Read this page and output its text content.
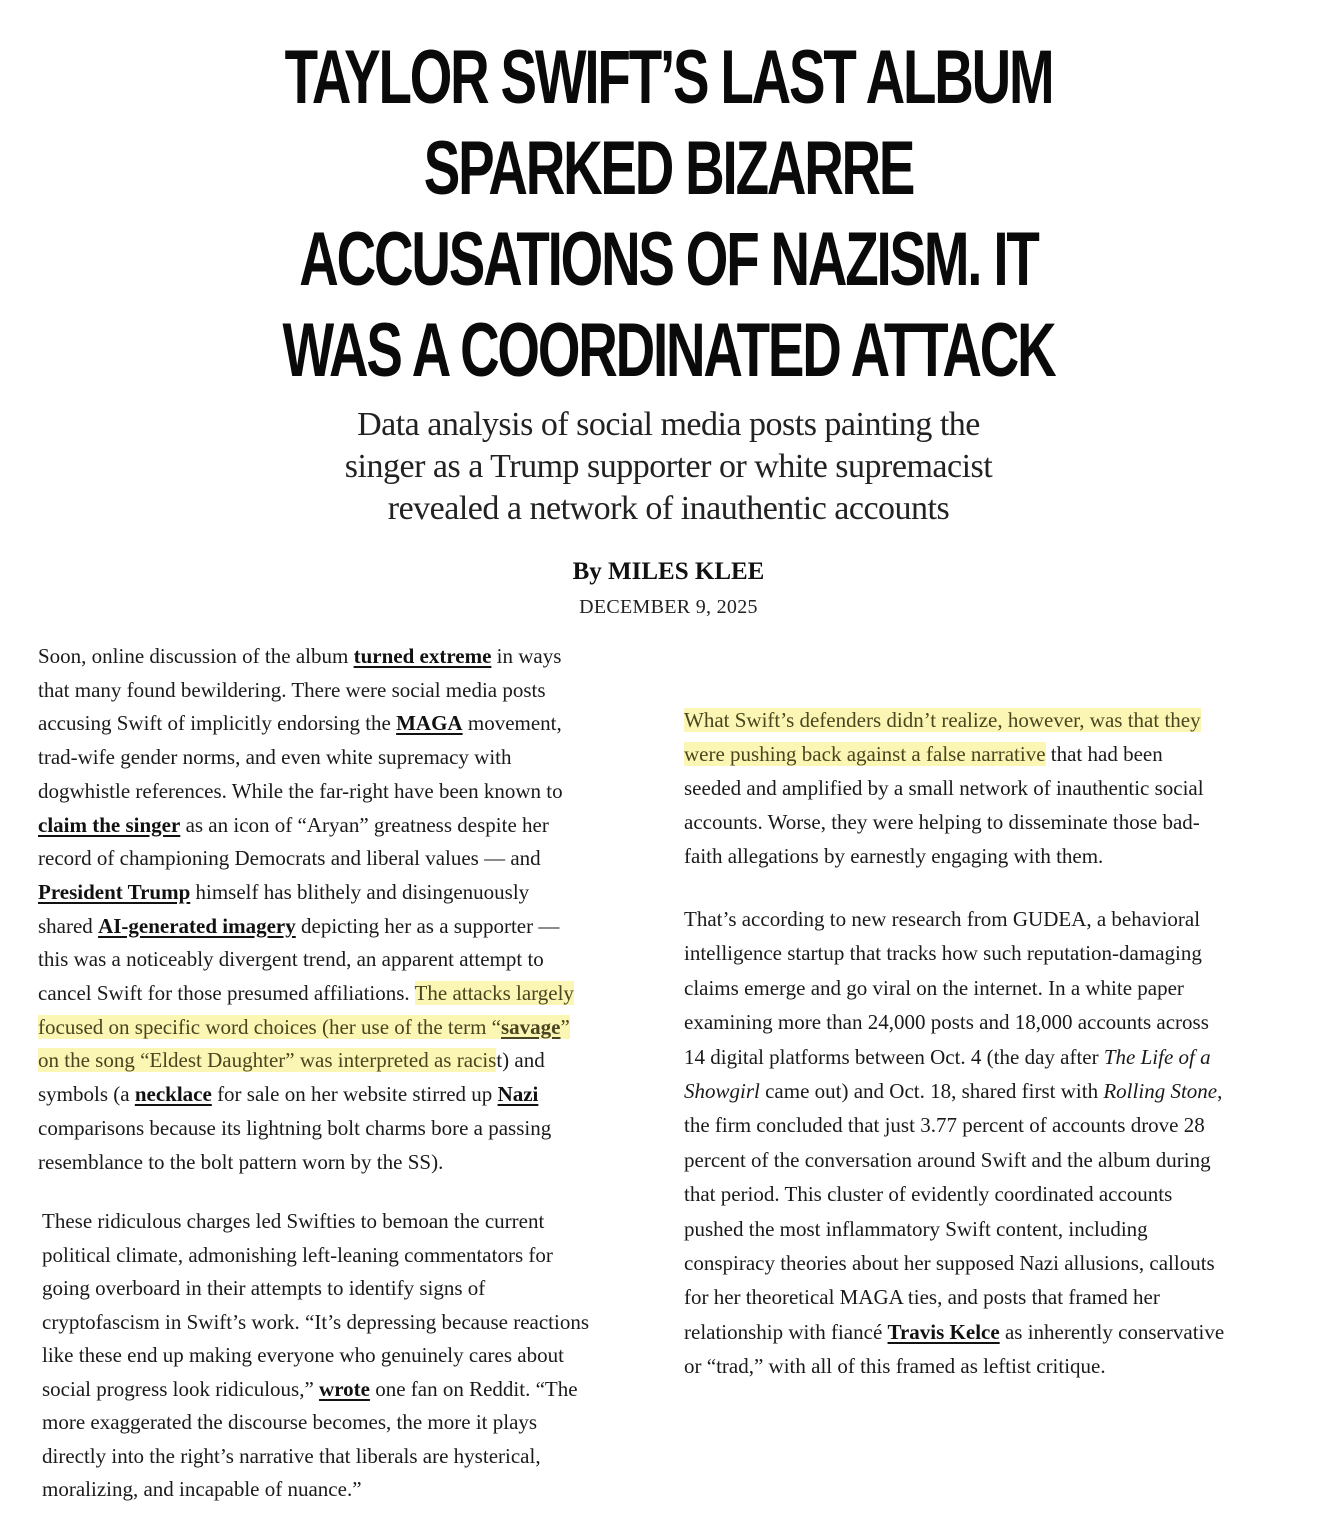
TAYLOR SWIFT’S LAST ALBUM
SPARKED BIZARRE
ACCUSATIONS OF NAZISM. IT
WAS A COORDINATED ATTACK

Data analysis of social media posts painting the
singer as a Trump supporter or white supremacist
revealed a network of inauthentic accounts

By MILES KLEE

DECEMBER 9, 2025

Soon, online discussion of the album turned extreme in ways
that many found bewildering. There were social media posts
accusing Swift of implicitly endorsing the MAGA movement,
trad-wife gender norms, and even white supremacy with
dogwhistle references. While the far-right have been known to
claim the singer as an icon of “Aryan” greatness despite her
record of championing Democrats and liberal values — and
President Trump himself has blithely and disingenuously
shared AI-generated imagery depicting her as a supporter —
this was a noticeably divergent trend, an apparent attempt to
cancel Swift for those presumed affiliations. The attacks largely
focused on specific word choices (her use of the term “savage”
on the song “Eldest Daughter” was interpreted as racist) and
symbols (a necklace for sale on her website stirred up Nazi
comparisons because its lightning bolt charms bore a passing
resemblance to the bolt pattern worn by the SS).

These ridiculous charges led Swifties to bemoan the current
political climate, admonishing left-leaning commentators for
going overboard in their attempts to identify signs of
cryptofascism in Swift’s work. “It’s depressing because reactions
like these end up making everyone who genuinely cares about
social progress look ridiculous,” wrote one fan on Reddit. “The
more exaggerated the discourse becomes, the more it plays
directly into the right’s narrative that liberals are hysterical,
moralizing, and incapable of nuance.”

What Swift’s defenders didn’t realize, however, was that they
were pushing back against a false narrative that had been
seeded and amplified by a small network of inauthentic social
accounts. Worse, they were helping to disseminate those bad-
faith allegations by earnestly engaging with them.

That’s according to new research from GUDEA, a behavioral
intelligence startup that tracks how such reputation-damaging
claims emerge and go viral on the internet. In a white paper
examining more than 24,000 posts and 18,000 accounts across
14 digital platforms between Oct. 4 (the day after The Life of a
Showgirl came out) and Oct. 18, shared first with Rolling Stone,
the firm concluded that just 3.77 percent of accounts drove 28
percent of the conversation around Swift and the album during
that period. This cluster of evidently coordinated accounts
pushed the most inflammatory Swift content, including
conspiracy theories about her supposed Nazi allusions, callouts
for her theoretical MAGA ties, and posts that framed her
relationship with fiancé Travis Kelce as inherently conservative
or “trad,” with all of this framed as leftist critique.
